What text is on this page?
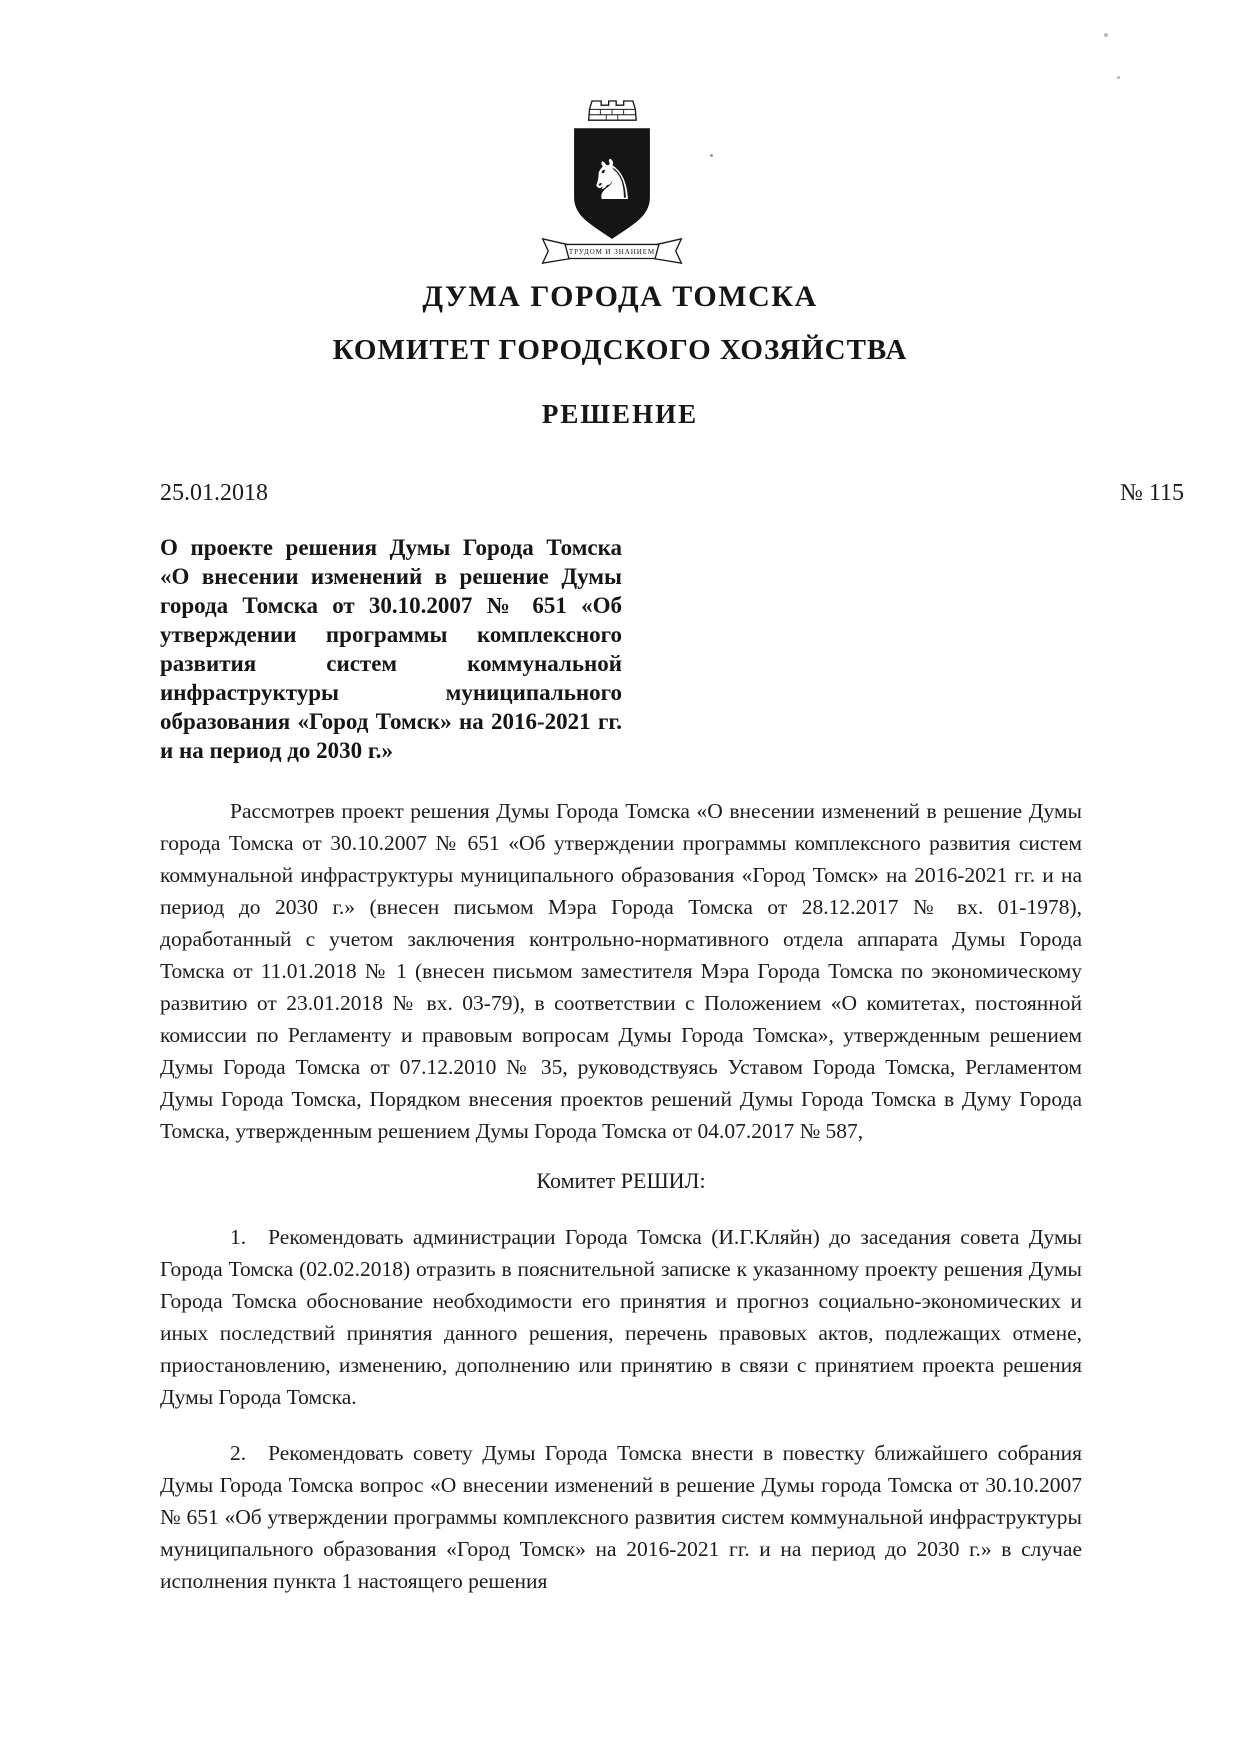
♞
ТРУДОМ И ЗНАНИЕМ
ДУМА ГОРОДА ТОМСКА
КОМИТЕТ ГОРОДСКОГО ХОЗЯЙСТВА
РЕШЕНИЕ
25.01.2018	№ 115
О проекте решения Думы Города Томска «О внесении изменений в решение Думы города Томска от 30.10.2007 № 651 «Об утверждении программы комплексного развития систем коммунальной инфраструктуры муниципального образования «Город Томск» на 2016-2021 гг. и на период до 2030 г.»

Рассмотрев проект решения Думы Города Томска «О внесении изменений в решение Думы города Томска от 30.10.2007 № 651 «Об утверждении программы комплексного развития систем коммунальной инфраструктуры муниципального образования «Город Томск» на 2016-2021 гг. и на период до 2030 г.» (внесен письмом Мэра Города Томска от 28.12.2017 № вх. 01-1978), доработанный с учетом заключения контрольно-нормативного отдела аппарата Думы Города Томска от 11.01.2018 № 1 (внесен письмом заместителя Мэра Города Томска по экономическому развитию от 23.01.2018 № вх. 03-79), в соответствии с Положением «О комитетах, постоянной комиссии по Регламенту и правовым вопросам Думы Города Томска», утвержденным решением Думы Города Томска от 07.12.2010 № 35, руководствуясь Уставом Города Томска, Регламентом Думы Города Томска, Порядком внесения проектов решений Думы Города Томска в Думу Города Томска, утвержденным решением Думы Города Томска от 04.07.2017 № 587,

Комитет РЕШИЛ:

1. Рекомендовать администрации Города Томска (И.Г.Кляйн) до заседания совета Думы Города Томска (02.02.2018) отразить в пояснительной записке к указанному проекту решения Думы Города Томска обоснование необходимости его принятия и прогноз социально-экономических и иных последствий принятия данного решения, перечень правовых актов, подлежащих отмене, приостановлению, изменению, дополнению или принятию в связи с принятием проекта решения Думы Города Томска.

2. Рекомендовать совету Думы Города Томска внести в повестку ближайшего собрания Думы Города Томска вопрос «О внесении изменений в решение Думы города Томска от 30.10.2007 № 651 «Об утверждении программы комплексного развития систем коммунальной инфраструктуры муниципального образования «Город Томск» на 2016-2021 гг. и на период до 2030 г.» в случае исполнения пункта 1 настоящего решения
